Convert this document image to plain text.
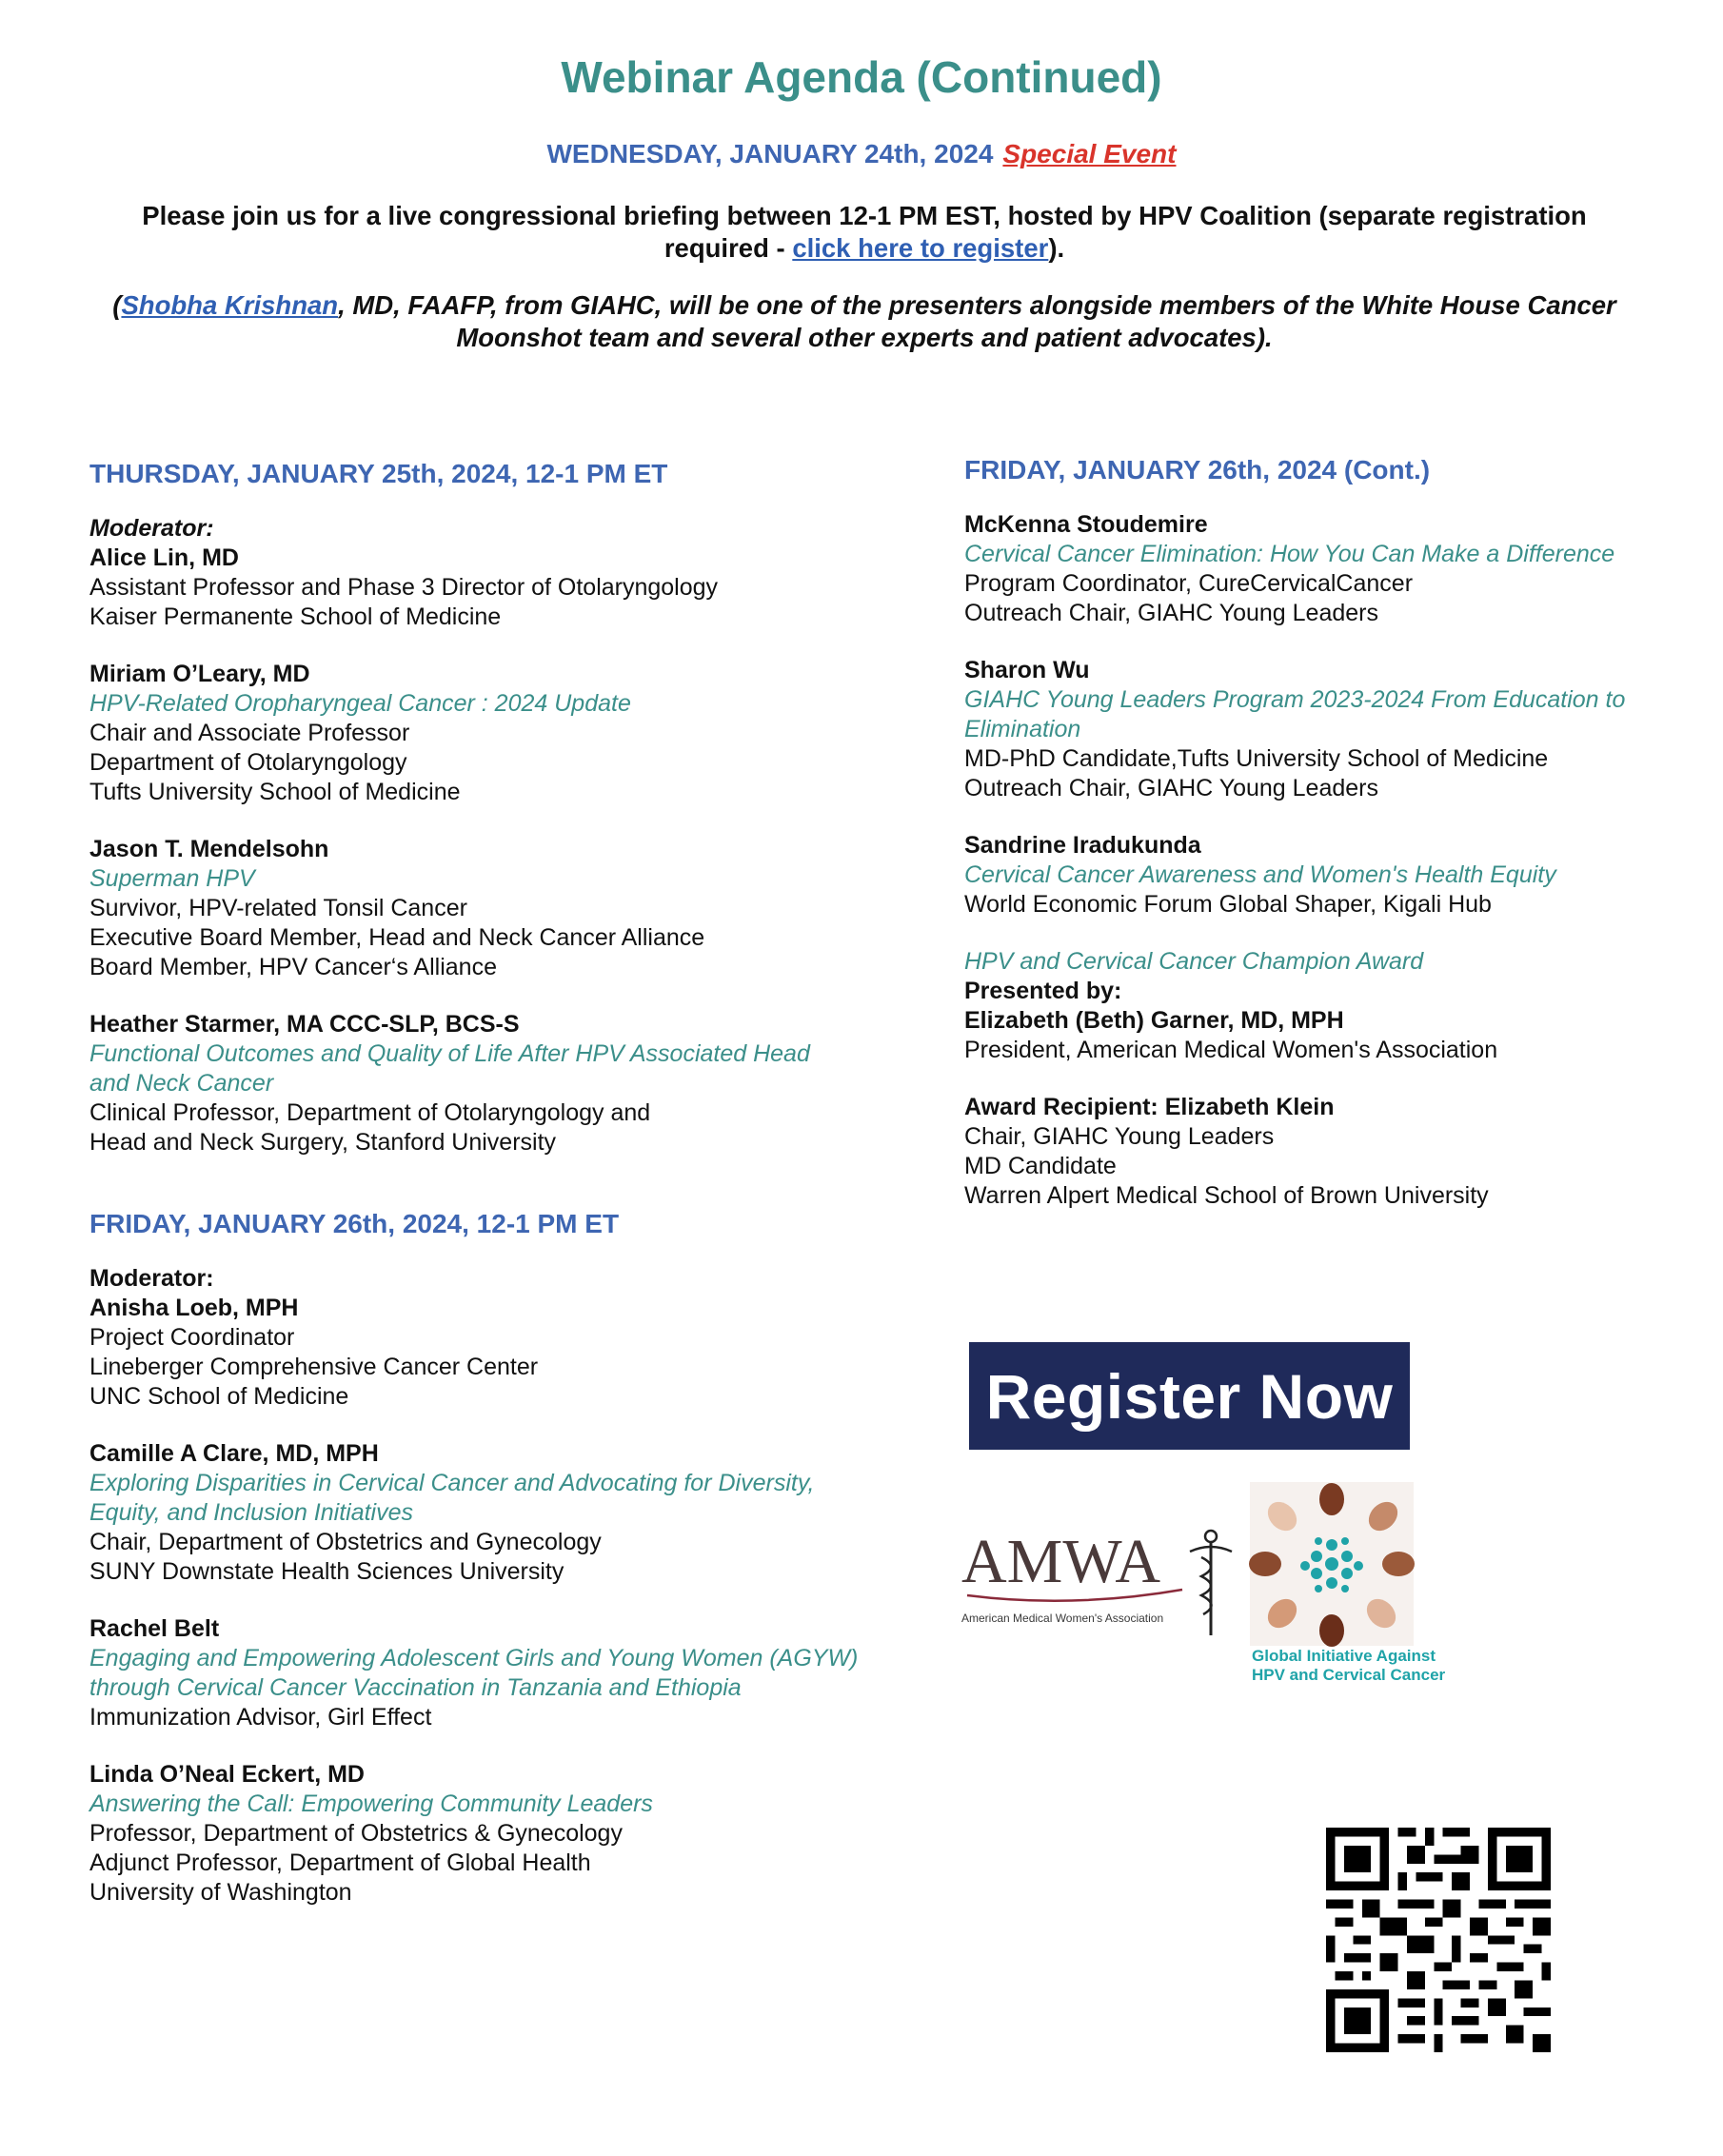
Webinar Agenda (Continued)
WEDNESDAY, JANUARY 24th, 2024 Special Event
Please join us for a live congressional briefing between 12-1 PM EST, hosted by HPV Coalition (separate registration required - click here to register).
(Shobha Krishnan, MD, FAAFP, from GIAHC, will be one of the presenters alongside members of the White House Cancer Moonshot team and several other experts and patient advocates).
THURSDAY, JANUARY 25th, 2024, 12-1 PM ET
Moderator:
Alice Lin, MD
Assistant Professor and Phase 3 Director of Otolaryngology
Kaiser Permanente School of Medicine
Miriam O’Leary, MD
HPV-Related Oropharyngeal Cancer : 2024 Update
Chair and Associate Professor
Department of Otolaryngology
Tufts University School of Medicine
Jason T. Mendelsohn
Superman HPV
Survivor, HPV-related Tonsil Cancer
Executive Board Member, Head and Neck Cancer Alliance
Board Member, HPV Cancer‘s Alliance
Heather Starmer, MA CCC-SLP, BCS-S
Functional Outcomes and Quality of Life After HPV Associated Head and Neck Cancer
Clinical Professor, Department of Otolaryngology and
Head and Neck Surgery, Stanford University
FRIDAY, JANUARY 26th, 2024, 12-1 PM ET
Moderator:
Anisha Loeb, MPH
Project Coordinator
Lineberger Comprehensive Cancer Center
UNC School of Medicine
Camille A Clare, MD, MPH
Exploring Disparities in Cervical Cancer and Advocating for Diversity, Equity, and Inclusion Initiatives
Chair, Department of Obstetrics and Gynecology
SUNY Downstate Health Sciences University
Rachel Belt
Engaging and Empowering Adolescent Girls and Young Women (AGYW) through Cervical Cancer Vaccination in Tanzania and Ethiopia
Immunization Advisor, Girl Effect
Linda O’Neal Eckert, MD
Answering the Call: Empowering Community Leaders
Professor, Department of Obstetrics & Gynecology
Adjunct Professor, Department of Global Health
University of Washington
FRIDAY, JANUARY 26th, 2024 (Cont.)
McKenna Stoudemire
Cervical Cancer Elimination: How You Can Make a Difference
Program Coordinator, CureCervicalCancer
Outreach Chair, GIAHC Young Leaders
Sharon Wu
GIAHC Young Leaders Program 2023-2024 From Education to Elimination
MD-PhD Candidate,Tufts University School of Medicine
Outreach Chair, GIAHC Young Leaders
Sandrine Iradukunda
Cervical Cancer Awareness and Women's Health Equity
World Economic Forum Global Shaper, Kigali Hub
HPV and Cervical Cancer Champion Award
Presented by:
Elizabeth (Beth) Garner, MD, MPH
President, American Medical Women's Association
Award Recipient: Elizabeth Klein
Chair, GIAHC Young Leaders
MD Candidate
Warren Alpert Medical School of Brown University
Register Now
AMWA
American Medical Women's Association
Global Initiative Against
HPV and Cervical Cancer
